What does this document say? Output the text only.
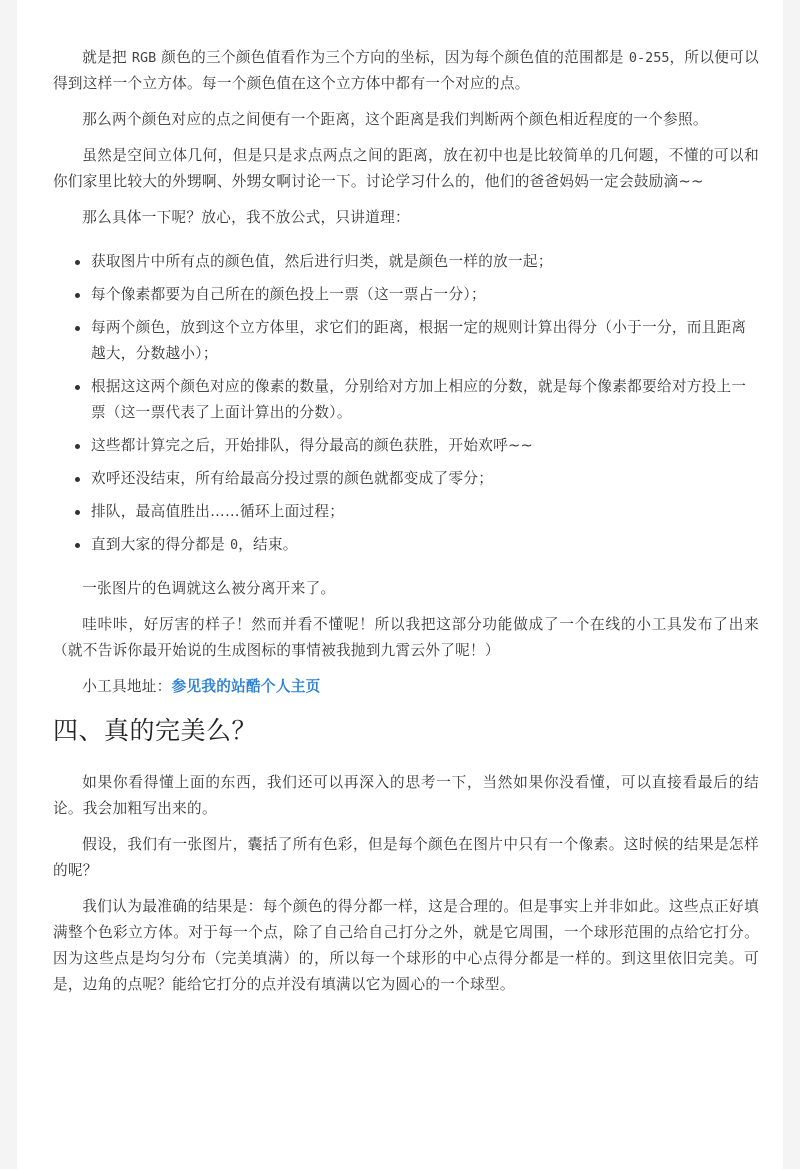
就是把 RGB 颜色的三个颜色值看作为三个方向的坐标，因为每个颜色值的范围都是 0-255，所以便可以得到这样一个立方体。每一个颜色值在这个立方体中都有一个对应的点。

那么两个颜色对应的点之间便有一个距离，这个距离是我们判断两个颜色相近程度的一个参照。

虽然是空间立体几何，但是只是求点两点之间的距离，放在初中也是比较简单的几何题，不懂的可以和你们家里比较大的外甥啊、外甥女啊讨论一下。讨论学习什么的，他们的爸爸妈妈一定会鼓励滴~~

那么具体一下呢？放心，我不放公式，只讲道理：

获取图片中所有点的颜色值，然后进行归类，就是颜色一样的放一起；
每个像素都要为自己所在的颜色投上一票（这一票占一分）；
每两个颜色，放到这个立方体里，求它们的距离，根据一定的规则计算出得分（小于一分，而且距离越大，分数越小）；
根据这这两个颜色对应的像素的数量，分别给对方加上相应的分数，就是每个像素都要给对方投上一票（这一票代表了上面计算出的分数）。
这些都计算完之后，开始排队，得分最高的颜色获胜，开始欢呼~~
欢呼还没结束，所有给最高分投过票的颜色就都变成了零分；
排队，最高值胜出……循环上面过程；
直到大家的得分都是 0，结束。

一张图片的色调就这么被分离开来了。

哇咔咔，好厉害的样子！然而并看不懂呢！所以我把这部分功能做成了一个在线的小工具发布了出来（就不告诉你最开始说的生成图标的事情被我抛到九霄云外了呢！）

小工具地址：参见我的站酷个人主页

四、真的完美么？

如果你看得懂上面的东西，我们还可以再深入的思考一下，当然如果你没看懂，可以直接看最后的结论。我会加粗写出来的。

假设，我们有一张图片，囊括了所有色彩，但是每个颜色在图片中只有一个像素。这时候的结果是怎样的呢？

我们认为最准确的结果是：每个颜色的得分都一样，这是合理的。但是事实上并非如此。这些点正好填满整个色彩立方体。对于每一个点，除了自己给自己打分之外，就是它周围，一个球形范围的点给它打分。因为这些点是均匀分布（完美填满）的，所以每一个球形的中心点得分都是一样的。到这里依旧完美。可是，边角的点呢？能给它打分的点并没有填满以它为圆心的一个球型。
